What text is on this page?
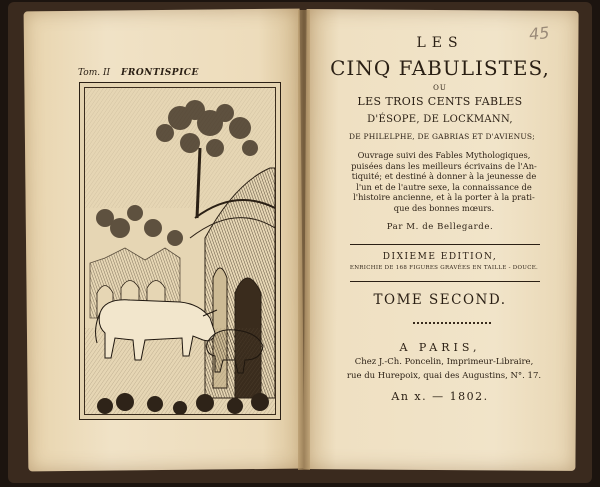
Tom. II FRONTISPICE
45
LES
CINQ FABULISTES,
OU
LES TROIS CENTS FABLES
D'ÉSOPE, DE LOCKMANN,
DE PHILELPHE, DE GABRIAS ET D'AVIENUS;
Ouvrage suivi des Fables Mythologiques,
puisées dans les meilleurs écrivains de l'An-
tiquité; et destiné à donner à la jeunesse de
l'un et de l'autre sexe, la connaissance de
l'histoire ancienne, et à la porter à la prati-
que des bonnes mœurs.
Par M. de Bellegarde.
DIXIEME EDITION,
ENRICHIE DE 168 FIGURES GRAVÉES EN TAILLE - DOUCE.
TOME SECOND.
A PARIS,
Chez J.-Ch. Poncelin, Imprimeur-Libraire,
rue du Hurepoix, quai des Augustins, N°. 17.
An x. — 1802.
